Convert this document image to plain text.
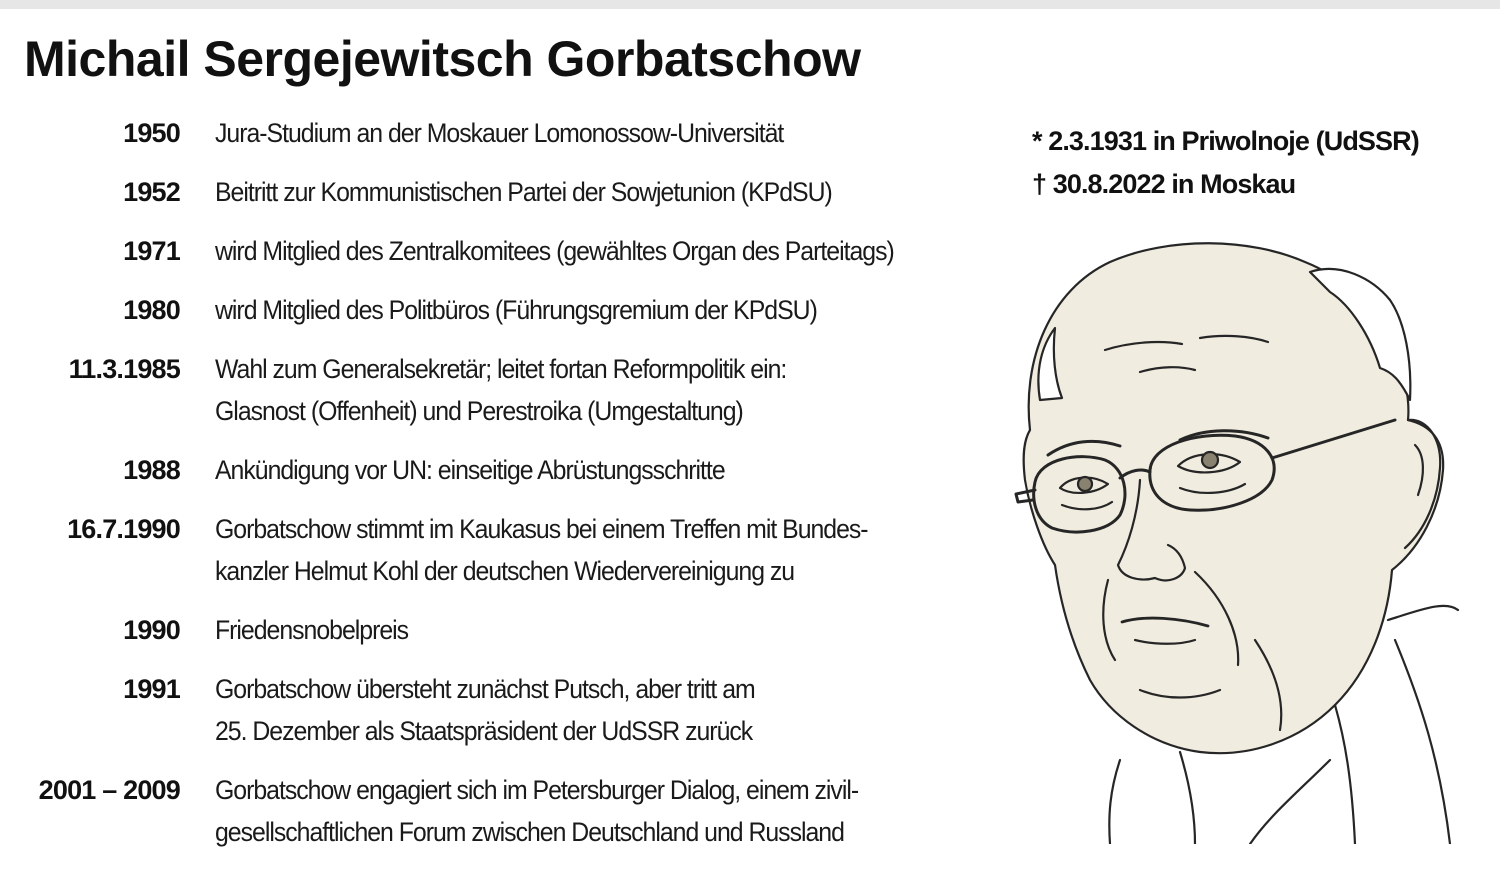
Michail Sergejewitsch Gorbatschow
1950 Jura-Studium an der Moskauer Lomonossow-Universität
1952 Beitritt zur Kommunistischen Partei der Sowjetunion (KPdSU)
1971 wird Mitglied des Zentralkomitees (gewähltes Organ des Parteitags)
1980 wird Mitglied des Politbüros (Führungsgremium der KPdSU)
11.3.1985 Wahl zum Generalsekretär; leitet fortan Reformpolitik ein:
Glasnost (Offenheit) und Perestroika (Umgestaltung)
1988 Ankündigung vor UN: einseitige Abrüstungsschritte
16.7.1990 Gorbatschow stimmt im Kaukasus bei einem Treffen mit Bundes-
kanzler Helmut Kohl der deutschen Wiedervereinigung zu
1990 Friedensnobelpreis
1991 Gorbatschow übersteht zunächst Putsch, aber tritt am
25. Dezember als Staatspräsident der UdSSR zurück
2001 – 2009 Gorbatschow engagiert sich im Petersburger Dialog, einem zivil-
gesellschaftlichen Forum zwischen Deutschland und Russland
* 2.3.1931 in Priwolnoje (UdSSR)
† 30.8.2022 in Moskau
